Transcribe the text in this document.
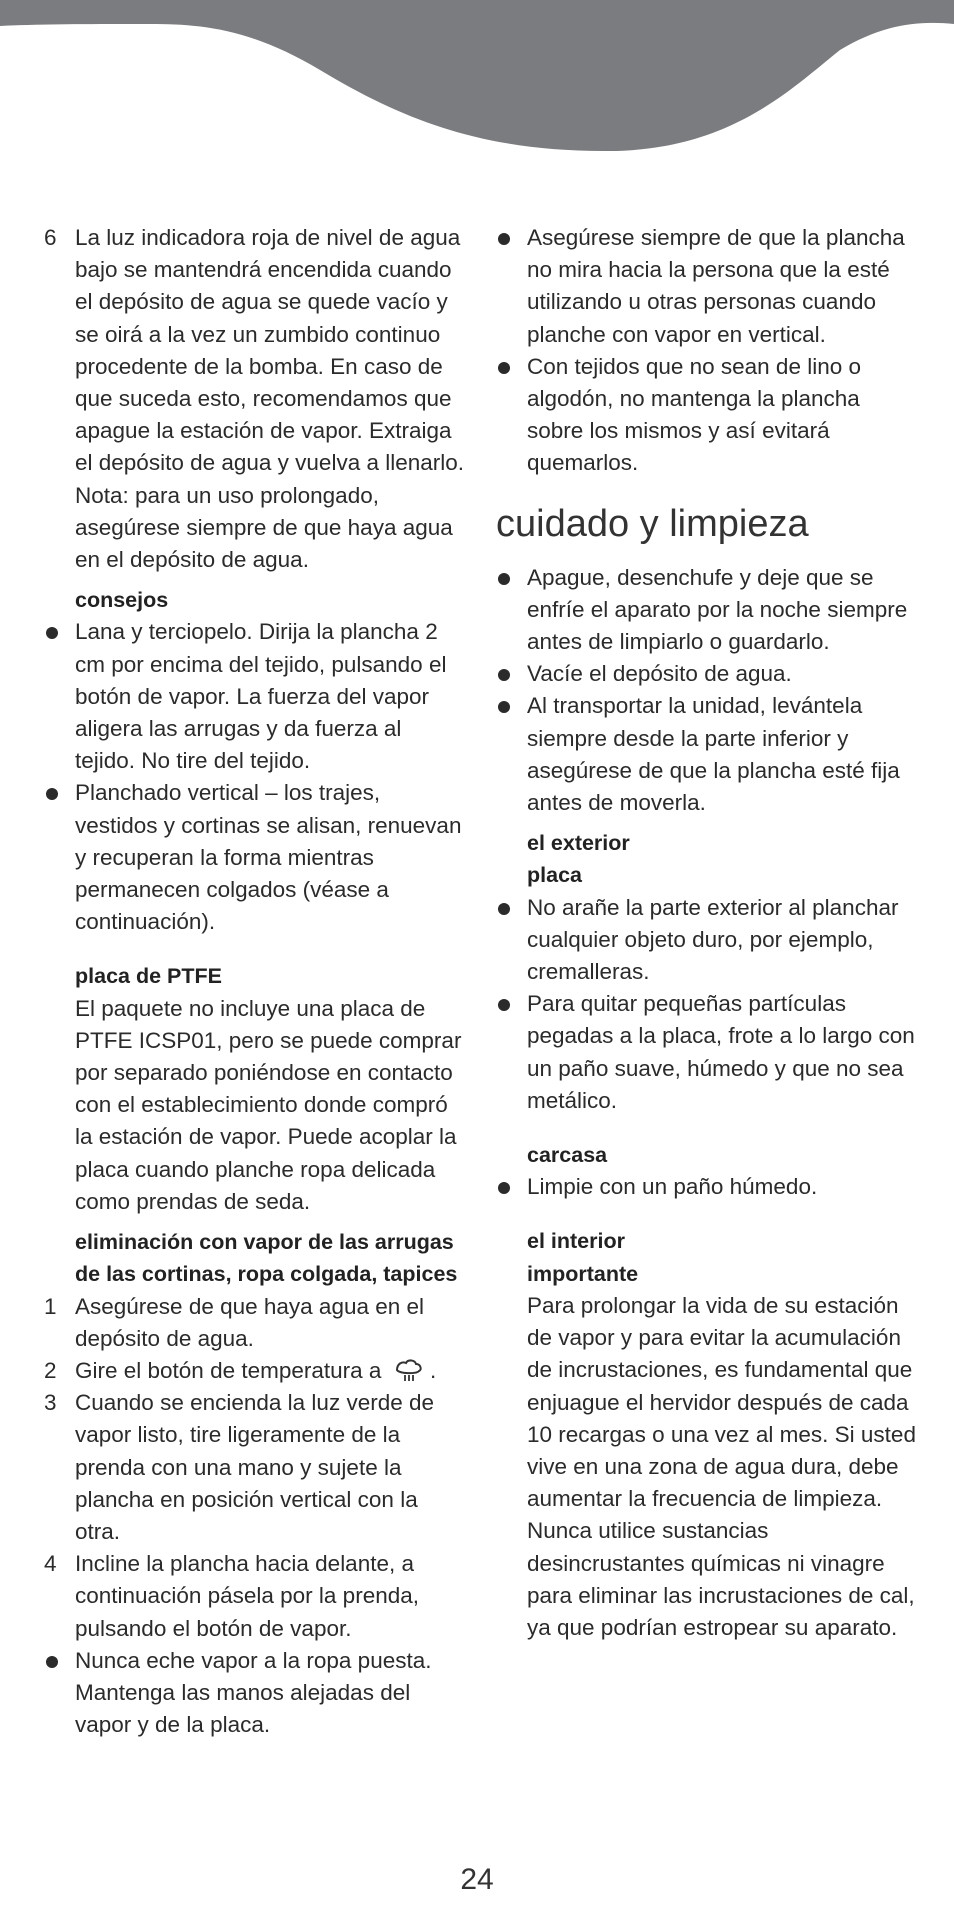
6 La luz indicadora roja de nivel de agua bajo se mantendrá encendida cuando el depósito de agua se quede vacío y se oirá a la vez un zumbido continuo procedente de la bomba. En caso de que suceda esto, recomendamos que apague la estación de vapor. Extraiga el depósito de agua y vuelva a llenarlo. Nota: para un uso prolongado, asegúrese siempre de que haya agua en el depósito de agua.
consejos
Lana y terciopelo. Dirija la plancha 2 cm por encima del tejido, pulsando el botón de vapor. La fuerza del vapor aligera las arrugas y da fuerza al tejido. No tire del tejido.
Planchado vertical – los trajes, vestidos y cortinas se alisan, renuevan y recuperan la forma mientras permanecen colgados (véase a continuación).
placa de PTFE
El paquete no incluye una placa de PTFE ICSP01, pero se puede comprar por separado poniéndose en contacto con el establecimiento donde compró la estación de vapor. Puede acoplar la placa cuando planche ropa delicada como prendas de seda.
eliminación con vapor de las arrugas de las cortinas, ropa colgada, tapices
1 Asegúrese de que haya agua en el depósito de agua.
2 Gire el botón de temperatura a .
3 Cuando se encienda la luz verde de vapor listo, tire ligeramente de la prenda con una mano y sujete la plancha en posición vertical con la otra.
4 Incline la plancha hacia delante, a continuación pásela por la prenda, pulsando el botón de vapor.
Nunca eche vapor a la ropa puesta. Mantenga las manos alejadas del vapor y de la placa.
Asegúrese siempre de que la plancha no mira hacia la persona que la esté utilizando u otras personas cuando planche con vapor en vertical.
Con tejidos que no sean de lino o algodón, no mantenga la plancha sobre los mismos y así evitará quemarlos.
cuidado y limpieza
Apague, desenchufe y deje que se enfríe el aparato por la noche siempre antes de limpiarlo o guardarlo.
Vacíe el depósito de agua.
Al transportar la unidad, levántela siempre desde la parte inferior y asegúrese de que la plancha esté fija antes de moverla.
el exterior
placa
No arañe la parte exterior al planchar cualquier objeto duro, por ejemplo, cremalleras.
Para quitar pequeñas partículas pegadas a la placa, frote a lo largo con un paño suave, húmedo y que no sea metálico.
carcasa
Limpie con un paño húmedo.
el interior
importante
Para prolongar la vida de su estación de vapor y para evitar la acumulación de incrustaciones, es fundamental que enjuague el hervidor después de cada 10 recargas o una vez al mes. Si usted vive en una zona de agua dura, debe aumentar la frecuencia de limpieza. Nunca utilice sustancias desincrustantes químicas ni vinagre para eliminar las incrustaciones de cal, ya que podrían estropear su aparato.
24
